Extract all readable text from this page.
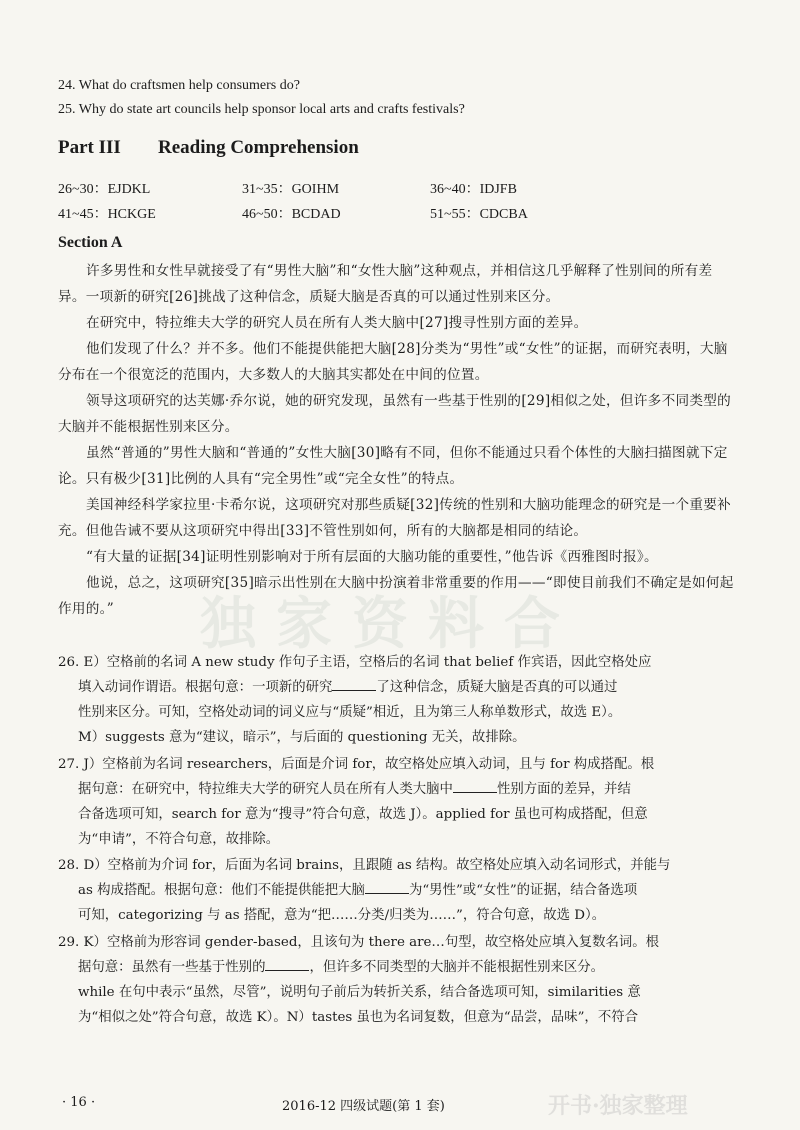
独家资料合
24. What do craftsmen help consumers do?
25. Why do state art councils help sponsor local arts and crafts festivals?
Part III Reading Comprehension
26~30：EJDKL	31~35：GOIHM	36~40：IDJFB
41~45：HCKGE	46~50：BCDAD	51~55：CDCBA
Section A

许多男性和女性早就接受了有“男性大脑”和“女性大脑”这种观点，并相信这几乎解释了性别间的所有差异。一项新的研究[26]挑战了这种信念，质疑大脑是否真的可以通过性别来区分。

在研究中，特拉维夫大学的研究人员在所有人类大脑中[27]搜寻性别方面的差异。

他们发现了什么？并不多。他们不能提供能把大脑[28]分类为“男性”或“女性”的证据，而研究表明，大脑分布在一个很宽泛的范围内，大多数人的大脑其实都处在中间的位置。

领导这项研究的达芙娜·乔尔说，她的研究发现，虽然有一些基于性别的[29]相似之处，但许多不同类型的大脑并不能根据性别来区分。

虽然“普通的”男性大脑和“普通的”女性大脑[30]略有不同，但你不能通过只看个体性的大脑扫描图就下定论。只有极少[31]比例的人具有“完全男性”或“完全女性”的特点。

美国神经科学家拉里·卡希尔说，这项研究对那些质疑[32]传统的性别和大脑功能理念的研究是一个重要补充。但他告诫不要从这项研究中得出[33]不管性别如何，所有的大脑都是相同的结论。

“有大量的证据[34]证明性别影响对于所有层面的大脑功能的重要性，”他告诉《西雅图时报》。

他说，总之，这项研究[35]暗示出性别在大脑中扮演着非常重要的作用——“即使目前我们不确定是如何起作用的。”

26. E）空格前的名词 A new study 作句子主语，空格后的名词 that belief 作宾语，因此空格处应
填入动词作谓语。根据句意：一项新的研究	了这种信念，质疑大脑是否真的可以通过
性别来区分。可知，空格处动词的词义应与“质疑”相近，且为第三人称单数形式，故选 E）。
M）suggests 意为“建议，暗示”，与后面的 questioning 无关，故排除。
27. J）空格前为名词 researchers，后面是介词 for，故空格处应填入动词，且与 for 构成搭配。根
据句意：在研究中，特拉维夫大学的研究人员在所有人类大脑中	性别方面的差异，并结
合备选项可知，search for 意为“搜寻”符合句意，故选 J）。applied for 虽也可构成搭配，但意
为“申请”，不符合句意，故排除。
28. D）空格前为介词 for，后面为名词 brains，且跟随 as 结构。故空格处应填入动名词形式，并能与
as 构成搭配。根据句意：他们不能提供能把大脑	为“男性”或“女性”的证据，结合备选项
可知，categorizing 与 as 搭配，意为“把……分类/归类为……”，符合句意，故选 D）。
29. K）空格前为形容词 gender-based，且该句为 there are…句型，故空格处应填入复数名词。根
据句意：虽然有一些基于性别的	，但许多不同类型的大脑并不能根据性别来区分。
while 在句中表示“虽然，尽管”，说明句子前后为转折关系，结合备选项可知，similarities 意
为“相似之处”符合句意，故选 K）。N）tastes 虽也为名词复数，但意为“品尝，品味”，不符合
· 16 ·	2016-12 四级试题(第 1 套)	开书·独家整理
